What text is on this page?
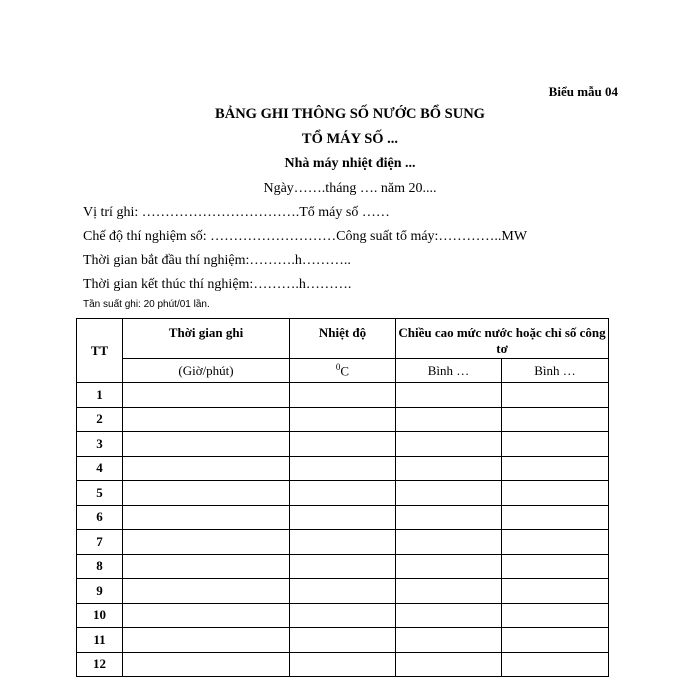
Biểu mẫu 04
BẢNG GHI THÔNG SỐ NƯỚC BỔ SUNG
TỔ MÁY SỐ ...
Nhà máy nhiệt điện ...
Ngày…….tháng …. năm 20....
Vị trí ghi: …………………………….Tổ máy số ……
Chế độ thí nghiệm số: ………………………Công suất tổ máy:…………..MW
Thời gian bắt đầu thí nghiệm:……….h………..
Thời gian kết thúc thí nghiệm:……….h……….
Tần suất ghi: 20 phút/01 lần.
TT	Thời gian ghi	Nhiệt độ	Chiều cao mức nước hoặc chỉ số công tơ	
	(Giờ/phút)	$^0$C	Bình …	Bình …
1				
2				
3				
4				
5				
6				
7				
8				
9				
10				
11				
12				
